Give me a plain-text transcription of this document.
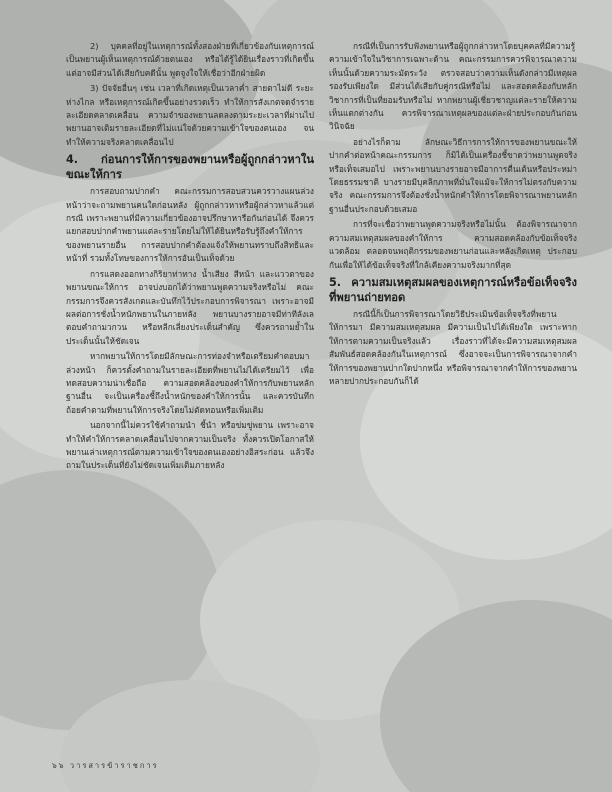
2) บุคคลที่อยู่ในเหตุการณ์ทั้งสองฝ่ายที่เกี่ยวข้องกับเหตุการณ์ เป็นพยานผู้เห็นเหตุการณ์ด้วยตนเอง หรือได้รู้ได้ยินเรื่องราวที่เกิดขึ้น แต่อาจมีส่วนได้เสียกับคดีนั้น พูดจูงใจให้เชื่อว่าอีกฝ่ายผิด

3) ปัจจัยอื่นๆ เช่น เวลาที่เกิดเหตุเป็นเวลาค่ำ สายตาไม่ดี ระยะห่างไกล หรือเหตุการณ์เกิดขึ้นอย่างรวดเร็ว ทำให้การสังเกตจดจำรายละเอียดคลาดเคลื่อน ความจำของพยานลดลงตามระยะเวลาที่ผ่านไป พยานอาจเติมรายละเอียดที่ไม่แน่ใจด้วยความเข้าใจของตนเอง จนทำให้ความจริงคลาดเคลื่อนไป

4. ก่อนการให้การของพยานหรือผู้ถูกกล่าวหาในขณะให้การ

การสอบถามปากคำ คณะกรรมการสอบสวนควรวางแผนล่วงหน้าว่าจะถามพยานคนใดก่อนหลัง ผู้ถูกกล่าวหาหรือผู้กล่าวหาแล้วแต่กรณี เพราะพยานที่มีความเกี่ยวข้องอาจปรึกษาหารือกันก่อนได้ จึงควรแยกสอบปากคำพยานแต่ละรายโดยไม่ให้ได้ยินหรือรับรู้ถึงคำให้การของพยานรายอื่น การสอบปากคำต้องแจ้งให้พยานทราบถึงสิทธิและหน้าที่ รวมทั้งโทษของการให้การอันเป็นเท็จด้วย

การแสดงออกทางกิริยาท่าทาง น้ำเสียง สีหน้า และแววตาของพยานขณะให้การ อาจบ่งบอกได้ว่าพยานพูดความจริงหรือไม่ คณะกรรมการจึงควรสังเกตและบันทึกไว้ประกอบการพิจารณา เพราะอาจมีผลต่อการชั่งน้ำหนักพยานในภายหลัง พยานบางรายอาจมีท่าทีลังเล ตอบคำถามวกวน หรือหลีกเลี่ยงประเด็นสำคัญ ซึ่งควรถามย้ำในประเด็นนั้นให้ชัดเจน

หากพยานให้การโดยมีลักษณะการท่องจำหรือเตรียมคำตอบมาล่วงหน้า ก็ควรตั้งคำถามในรายละเอียดที่พยานไม่ได้เตรียมไว้ เพื่อทดสอบความน่าเชื่อถือ ความสอดคล้องของคำให้การกับพยานหลักฐานอื่น จะเป็นเครื่องชี้ถึงน้ำหนักของคำให้การนั้น และควรบันทึกถ้อยคำตามที่พยานให้การจริงโดยไม่ตัดทอนหรือเพิ่มเติม

นอกจากนี้ไม่ควรใช้คำถามนำ ชี้นำ หรือข่มขู่พยาน เพราะอาจทำให้คำให้การคลาดเคลื่อนไปจากความเป็นจริง ทั้งควรเปิดโอกาสให้พยานเล่าเหตุการณ์ตามความเข้าใจของตนเองอย่างอิสระก่อน แล้วจึงถามในประเด็นที่ยังไม่ชัดเจนเพิ่มเติมภายหลัง

กรณีที่เป็นการรับฟังพยานหรือผู้ถูกกล่าวหาโดยบุคคลที่มีความรู้ความเข้าใจในวิชาการเฉพาะด้าน คณะกรรมการควรพิจารณาความเห็นนั้นด้วยความระมัดระวัง ตรวจสอบว่าความเห็นดังกล่าวมีเหตุผลรองรับเพียงใด มีส่วนได้เสียกับคู่กรณีหรือไม่ และสอดคล้องกับหลักวิชาการที่เป็นที่ยอมรับหรือไม่ หากพยานผู้เชี่ยวชาญแต่ละรายให้ความเห็นแตกต่างกัน ควรพิจารณาเหตุผลของแต่ละฝ่ายประกอบกันก่อนวินิจฉัย

อย่างไรก็ตาม ลักษณะวิธีการการให้การของพยานขณะให้ปากคำต่อหน้าคณะกรรมการ ก็มิได้เป็นเครื่องชี้ขาดว่าพยานพูดจริงหรือเท็จเสมอไป เพราะพยานบางรายอาจมีอาการตื่นเต้นหรือประหม่าโดยธรรมชาติ บางรายมีบุคลิกภาพที่มั่นใจแม้จะให้การไม่ตรงกับความจริง คณะกรรมการจึงต้องชั่งน้ำหนักคำให้การโดยพิจารณาพยานหลักฐานอื่นประกอบด้วยเสมอ

การที่จะเชื่อว่าพยานพูดความจริงหรือไม่นั้น ต้องพิจารณาจากความสมเหตุสมผลของคำให้การ ความสอดคล้องกับข้อเท็จจริงแวดล้อม ตลอดจนพฤติกรรมของพยานก่อนและหลังเกิดเหตุ ประกอบกันเพื่อให้ได้ข้อเท็จจริงที่ใกล้เคียงความจริงมากที่สุด

5. ความสมเหตุสมผลของเหตุการณ์หรือข้อเท็จจริงที่พยานถ่ายทอด

กรณีนี้ก็เป็นการพิจารณาโดยวิธีประเมินข้อเท็จจริงที่พยานให้การมา มีความสมเหตุสมผล มีความเป็นไปได้เพียงใด เพราะหากให้การตามความเป็นจริงแล้ว เรื่องราวที่ได้จะมีความสมเหตุสมผล สัมพันธ์สอดคล้องกันในเหตุการณ์ ซึ่งอาจจะเป็นการพิจารณาจากคำให้การของพยานปากใดปากหนึ่ง หรือพิจารณาจากคำให้การของพยานหลายปากประกอบกันก็ได้

๖๖ วารสารข้าราชการ
